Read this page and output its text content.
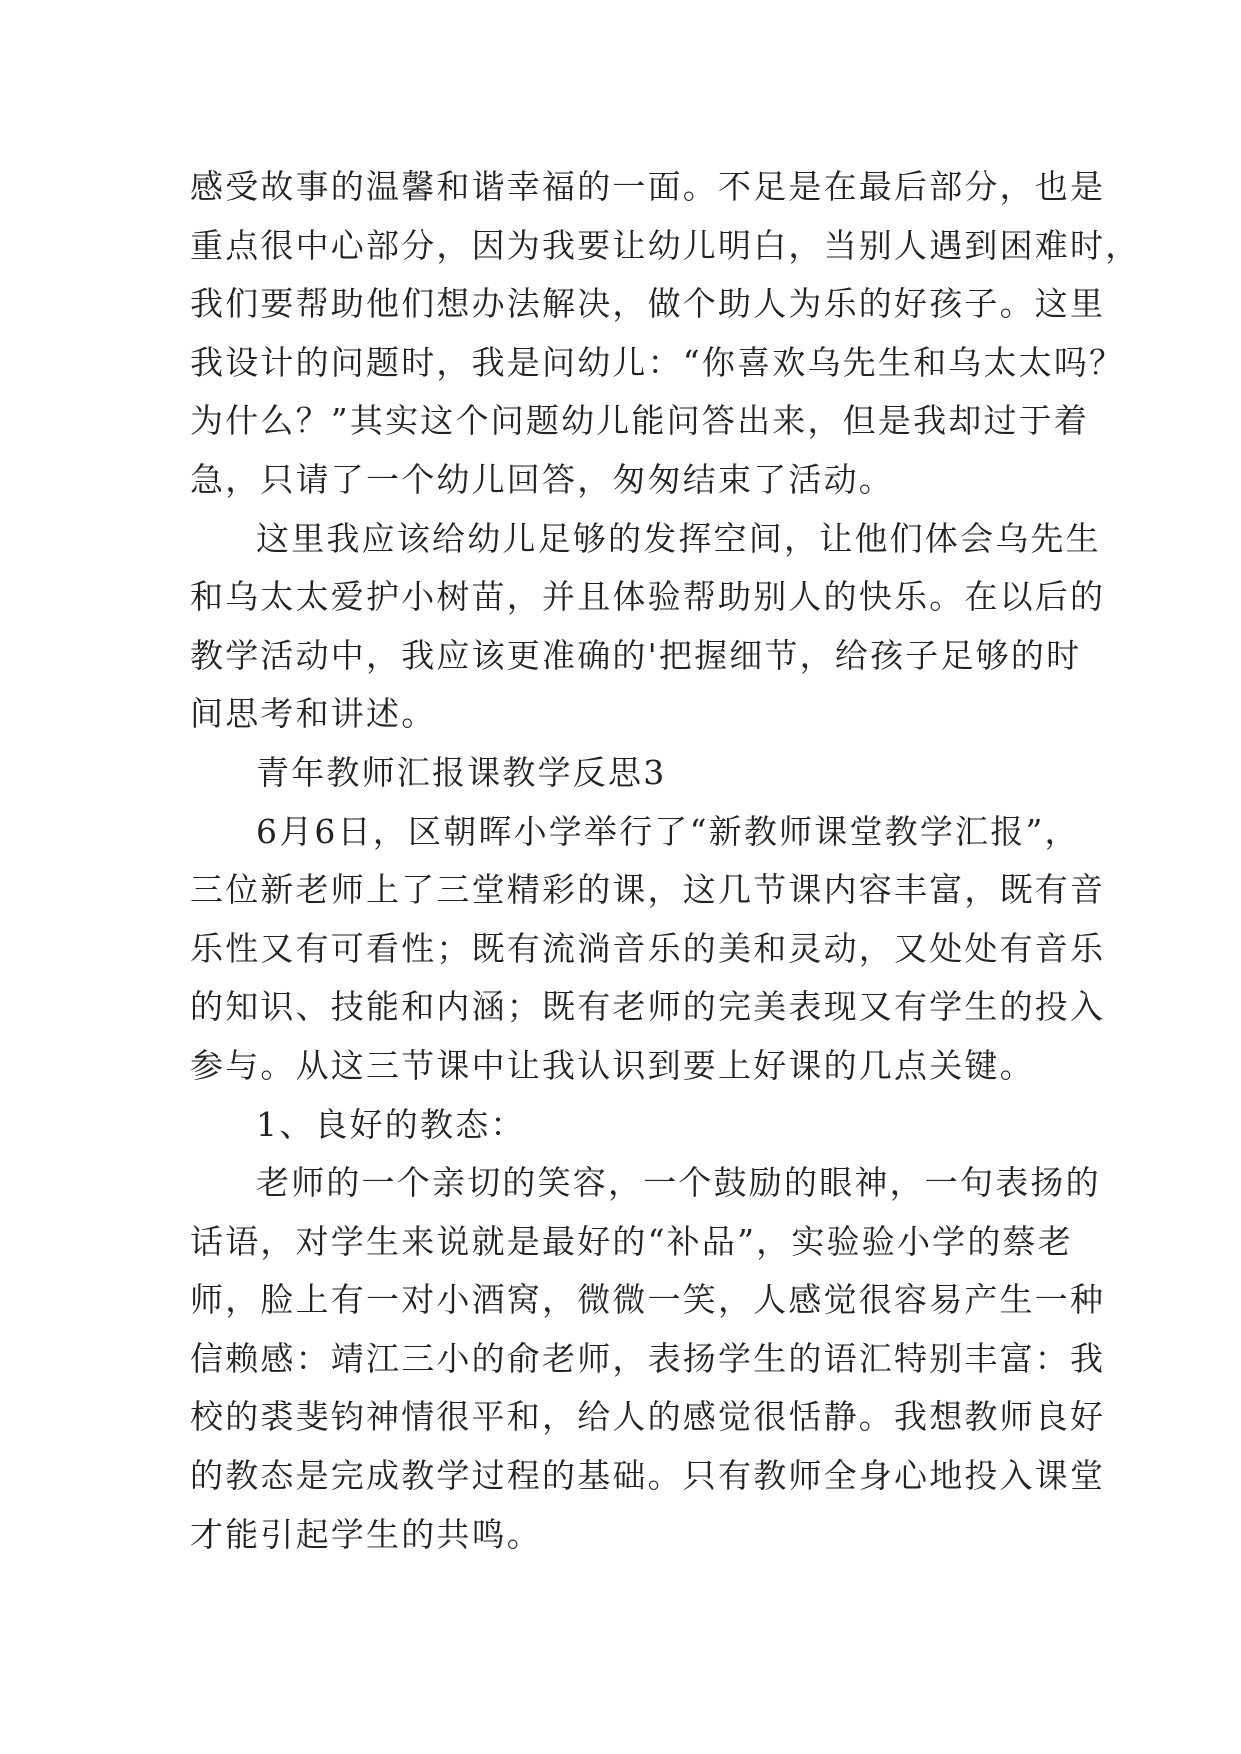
感受故事的温馨和谐幸福的一面。不足是在最后部分，也是
重点很中心部分，因为我要让幼儿明白，当别人遇到困难时，
我们要帮助他们想办法解决，做个助人为乐的好孩子。这里
我设计的问题时，我是问幼儿：“你喜欢乌先生和乌太太吗？
为什么？”其实这个问题幼儿能问答出来，但是我却过于着
急，只请了一个幼儿回答，匆匆结束了活动。
这里我应该给幼儿足够的发挥空间，让他们体会乌先生
和乌太太爱护小树苗，并且体验帮助别人的快乐。在以后的
教学活动中，我应该更准确的'把握细节，给孩子足够的时
间思考和讲述。
青年教师汇报课教学反思3
6月6日，区朝晖小学举行了“新教师课堂教学汇报”，
三位新老师上了三堂精彩的课，这几节课内容丰富，既有音
乐性又有可看性；既有流淌音乐的美和灵动，又处处有音乐
的知识、技能和内涵；既有老师的完美表现又有学生的投入
参与。从这三节课中让我认识到要上好课的几点关键。
1、良好的教态：
老师的一个亲切的笑容，一个鼓励的眼神，一句表扬的
话语，对学生来说就是最好的“补品”，实验验小学的蔡老
师，脸上有一对小酒窝，微微一笑，人感觉很容易产生一种
信赖感：靖江三小的俞老师，表扬学生的语汇特别丰富：我
校的裘斐钧神情很平和，给人的感觉很恬静。我想教师良好
的教态是完成教学过程的基础。只有教师全身心地投入课堂
才能引起学生的共鸣。
